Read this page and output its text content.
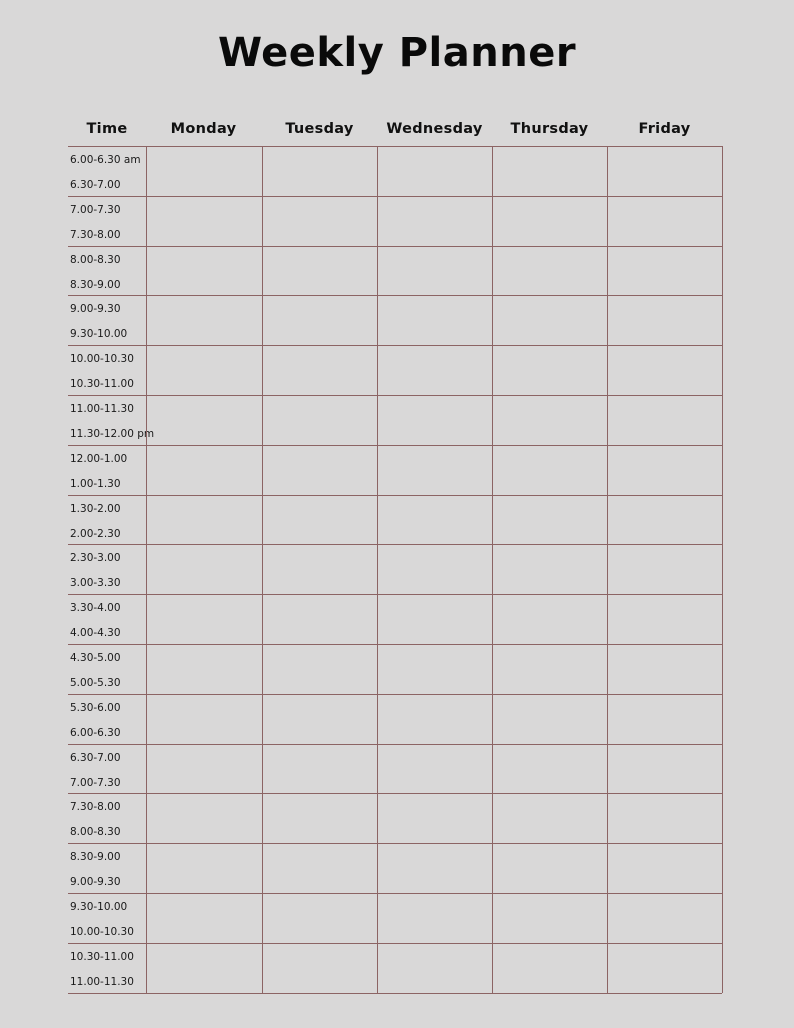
Weekly Planner
Time	Monday	Tuesday	Wednesday	Thursday	Friday
6.00-6.30 am
6.30-7.00
7.00-7.30
7.30-8.00
8.00-8.30
8.30-9.00
9.00-9.30
9.30-10.00
10.00-10.30
10.30-11.00
11.00-11.30
11.30-12.00 pm
12.00-1.00
1.00-1.30
1.30-2.00
2.00-2.30
2.30-3.00
3.00-3.30
3.30-4.00
4.00-4.30
4.30-5.00
5.00-5.30
5.30-6.00
6.00-6.30
6.30-7.00
7.00-7.30
7.30-8.00
8.00-8.30
8.30-9.00
9.00-9.30
9.30-10.00
10.00-10.30
10.30-11.00
11.00-11.30
